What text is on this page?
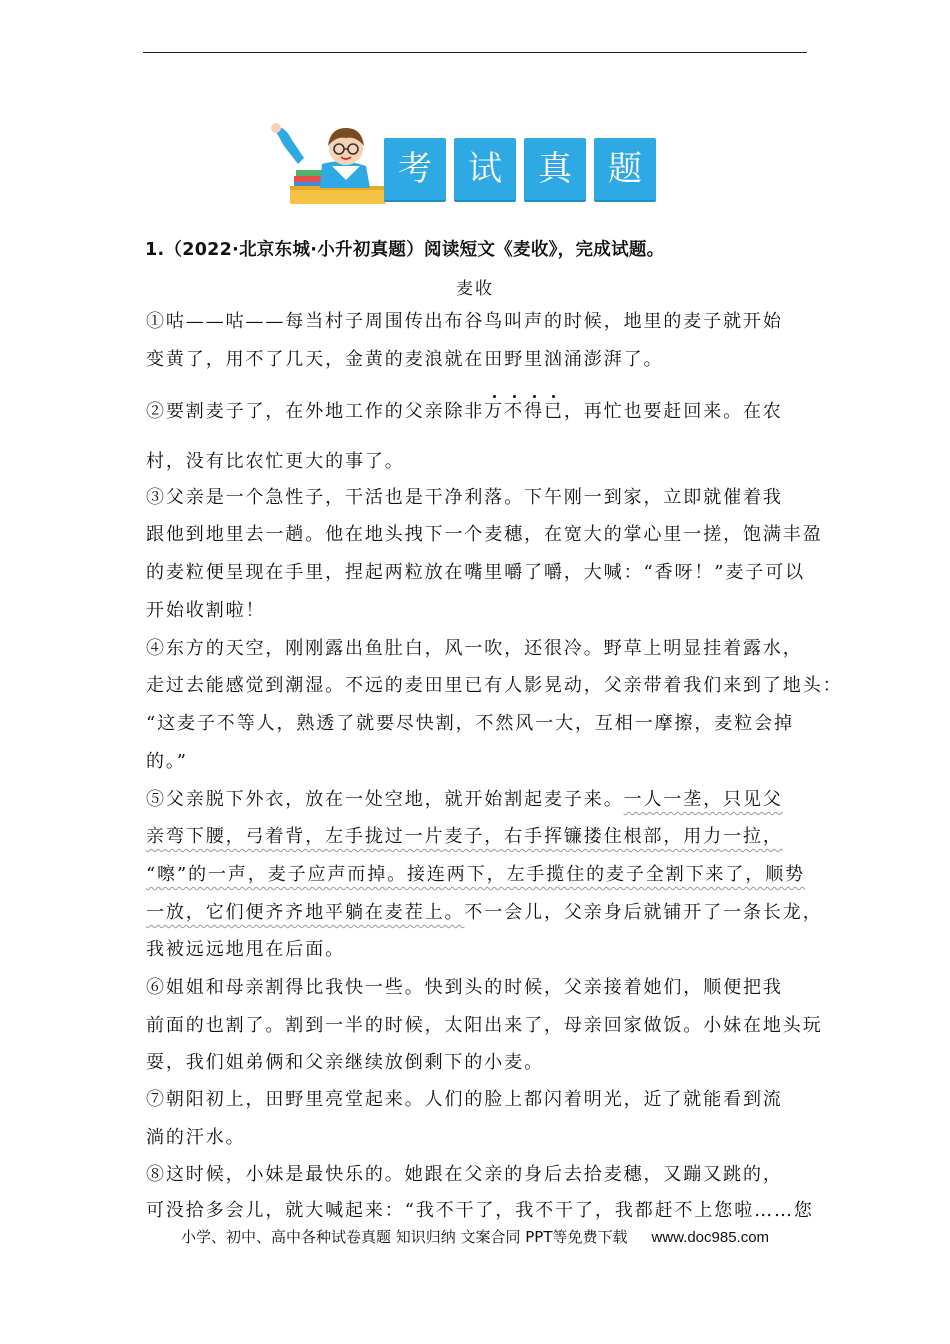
考	试	真	题
1.（2022·北京东城·小升初真题）阅读短文《麦收》，完成试题。
麦收
①咕——咕——每当村子周围传出布谷鸟叫声的时候，地里的麦子就开始
变黄了，用不了几天，金黄的麦浪就在田野里汹涌澎湃了。
②要割麦子了，在外地工作的父亲除非万不得已，再忙也要赶回来。在农
村，没有比农忙更大的事了。
③父亲是一个急性子，干活也是干净利落。下午刚一到家，立即就催着我
跟他到地里去一趟。他在地头拽下一个麦穗，在宽大的掌心里一搓，饱满丰盈
的麦粒便呈现在手里，捏起两粒放在嘴里嚼了嚼，大喊：“香呀！”麦子可以
开始收割啦！
④东方的天空，刚刚露出鱼肚白，风一吹，还很冷。野草上明显挂着露水，
走过去能感觉到潮湿。不远的麦田里已有人影晃动，父亲带着我们来到了地头：
“这麦子不等人，熟透了就要尽快割，不然风一大，互相一摩擦，麦粒会掉
的。”
⑤父亲脱下外衣，放在一处空地，就开始割起麦子来。一人一垄，只见父
亲弯下腰，弓着背，左手拢过一片麦子，右手挥镰搂住根部，用力一拉，
“嚓”的一声，麦子应声而掉。接连两下，左手揽住的麦子全割下来了，顺势
一放，它们便齐齐地平躺在麦茬上。不一会儿，父亲身后就铺开了一条长龙，
我被远远地甩在后面。
⑥姐姐和母亲割得比我快一些。快到头的时候，父亲接着她们，顺便把我
前面的也割了。割到一半的时候，太阳出来了，母亲回家做饭。小妹在地头玩
耍，我们姐弟俩和父亲继续放倒剩下的小麦。
⑦朝阳初上，田野里亮堂起来。人们的脸上都闪着明光，近了就能看到流
淌的汗水。
⑧这时候，小妹是最快乐的。她跟在父亲的身后去拾麦穗，又蹦又跳的，
可没拾多会儿，就大喊起来：“我不干了，我不干了，我都赶不上您啦……您
小学、初中、高中各种试卷真题 知识归纳 文案合同 PPT等免费下载 www.doc985.com
